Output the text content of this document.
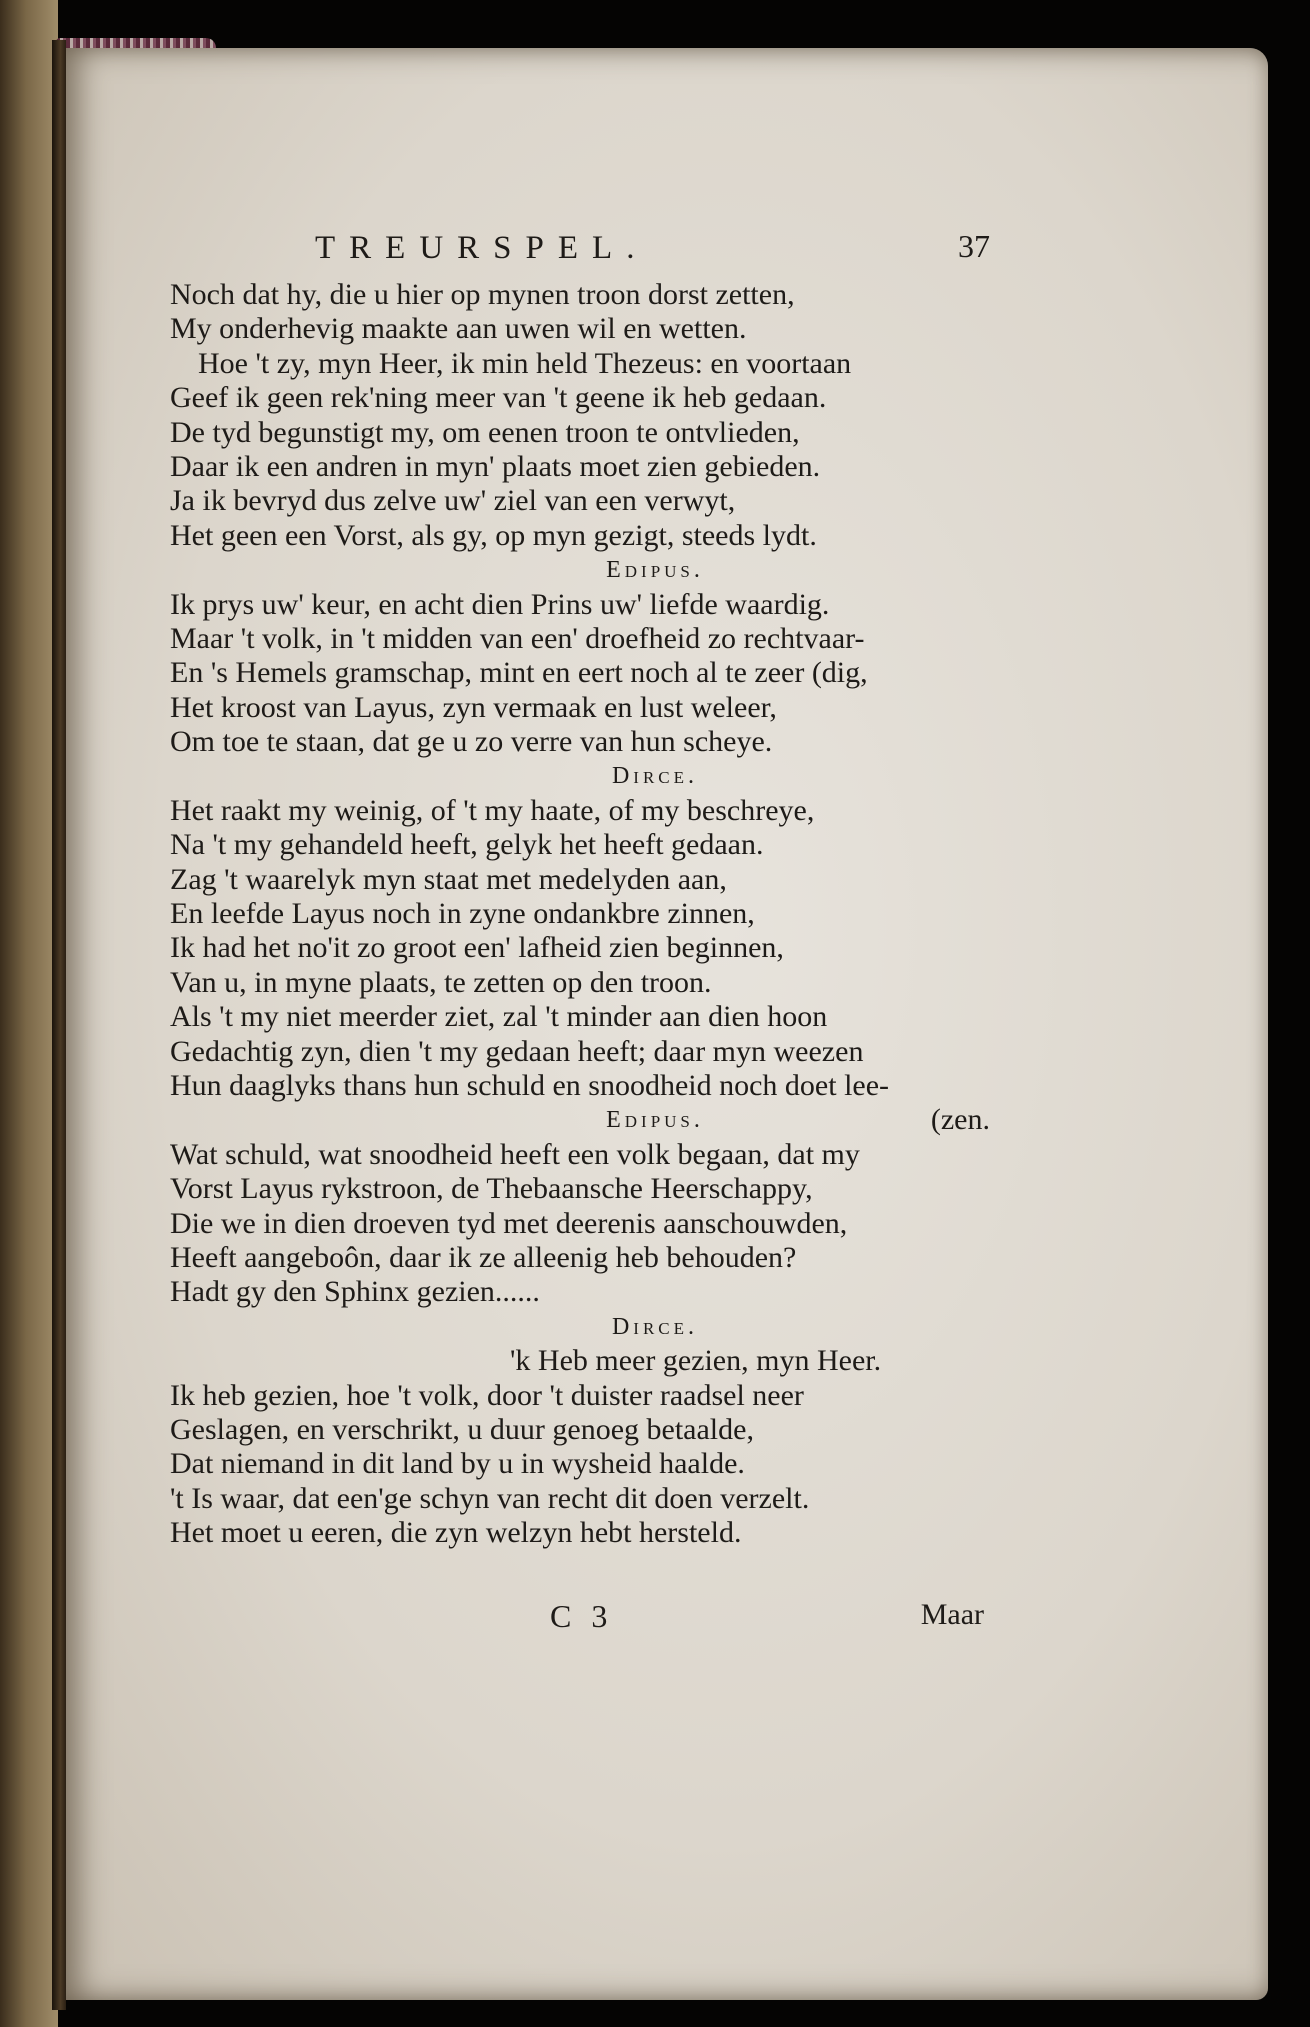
TREURSPEL.	37
Noch dat hy, die u hier op mynen troon dorst zetten,
My onderhevig maakte aan uwen wil en wetten.
Hoe 't zy, myn Heer, ik min held Thezeus: en voortaan
Geef ik geen rek'ning meer van 't geene ik heb gedaan.
De tyd begunstigt my, om eenen troon te ontvlieden,
Daar ik een andren in myn' plaats moet zien gebieden.
Ja ik bevryd dus zelve uw' ziel van een verwyt,
Het geen een Vorst, als gy, op myn gezigt, steeds lydt.
Edipus.
Ik prys uw' keur, en acht dien Prins uw' liefde waardig.
Maar 't volk, in 't midden van een' droefheid zo rechtvaar-
En 's Hemels gramschap, mint en eert noch al te zeer (dig,
Het kroost van Layus, zyn vermaak en lust weleer,
Om toe te staan, dat ge u zo verre van hun scheye.
Dirce.
Het raakt my weinig, of 't my haate, of my beschreye,
Na 't my gehandeld heeft, gelyk het heeft gedaan.
Zag 't waarelyk myn staat met medelyden aan,
En leefde Layus noch in zyne ondankbre zinnen,
Ik had het no'it zo groot een' lafheid zien beginnen,
Van u, in myne plaats, te zetten op den troon.
Als 't my niet meerder ziet, zal 't minder aan dien hoon
Gedachtig zyn, dien 't my gedaan heeft; daar myn weezen
Hun daaglyks thans hun schuld en snoodheid noch doet lee-
Edipus.	(zen.
Wat schuld, wat snoodheid heeft een volk begaan, dat my
Vorst Layus rykstroon, de Thebaansche Heerschappy,
Die we in dien droeven tyd met deerenis aanschouwden,
Heeft aangeboôn, daar ik ze alleenig heb behouden?
Hadt gy den Sphinx gezien......
Dirce.
'k Heb meer gezien, myn Heer.
Ik heb gezien, hoe 't volk, door 't duister raadsel neer
Geslagen, en verschrikt, u duur genoeg betaalde,
Dat niemand in dit land by u in wysheid haalde.
't Is waar, dat een'ge schyn van recht dit doen verzelt.
Het moet u eeren, die zyn welzyn hebt hersteld.
C 3	Maar
